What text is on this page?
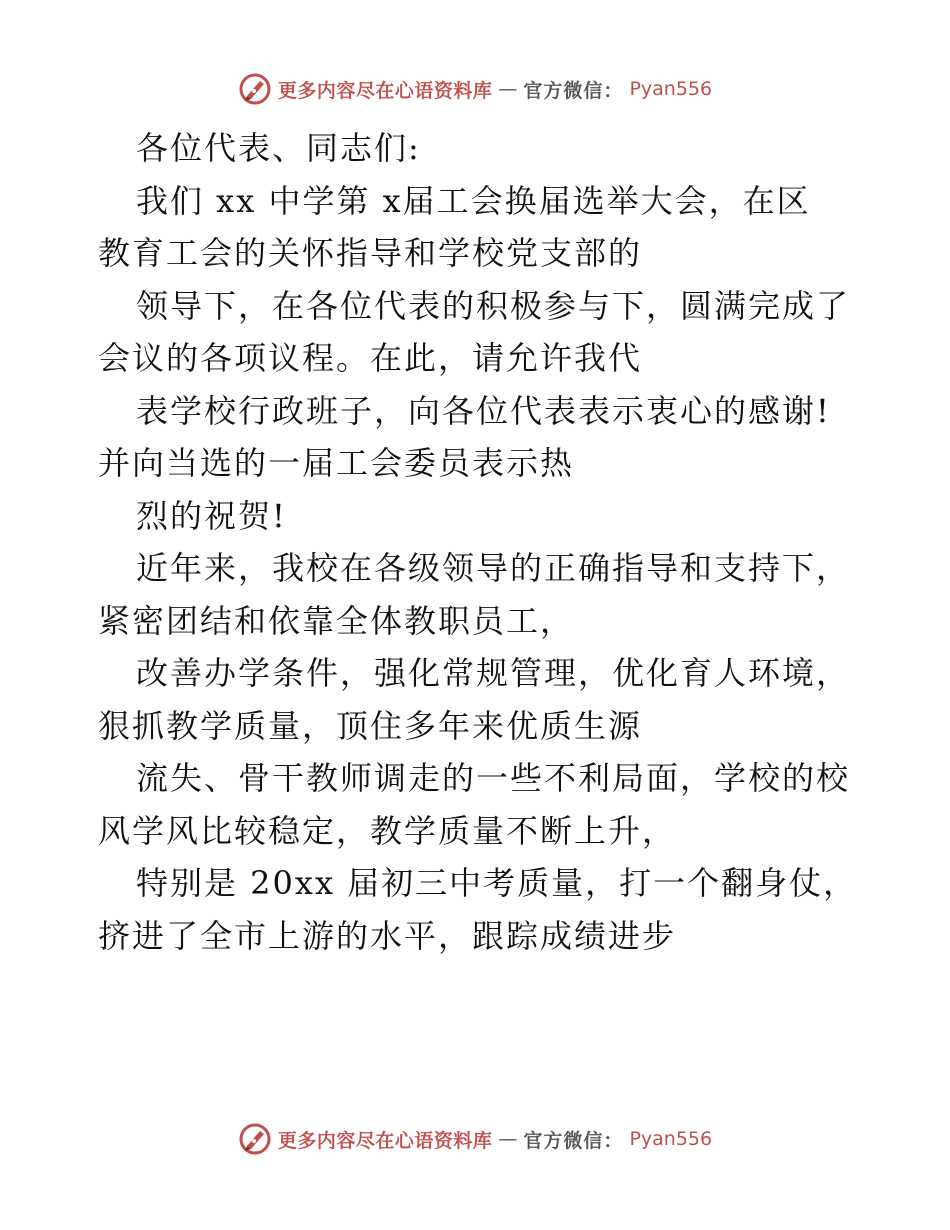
更多内容尽在心语资料库 — 官方微信： Pyan556
各位代表、同志们:
我们 xx 中学第 x届工会换届选举大会，在区
教育工会的关怀指导和学校党支部的
领导下，在各位代表的积极参与下，圆满完成了
会议的各项议程。在此，请允许我代
表学校行政班子，向各位代表表示衷心的感谢!
并向当选的一届工会委员表示热
烈的祝贺!
近年来，我校在各级领导的正确指导和支持下，
紧密团结和依靠全体教职员工，
改善办学条件，强化常规管理，优化育人环境，
狠抓教学质量，顶住多年来优质生源
流失、骨干教师调走的一些不利局面，学校的校
风学风比较稳定，教学质量不断上升，
特别是 20xx 届初三中考质量，打一个翻身仗，
挤进了全市上游的水平，跟踪成绩进步
更多内容尽在心语资料库 — 官方微信： Pyan556
